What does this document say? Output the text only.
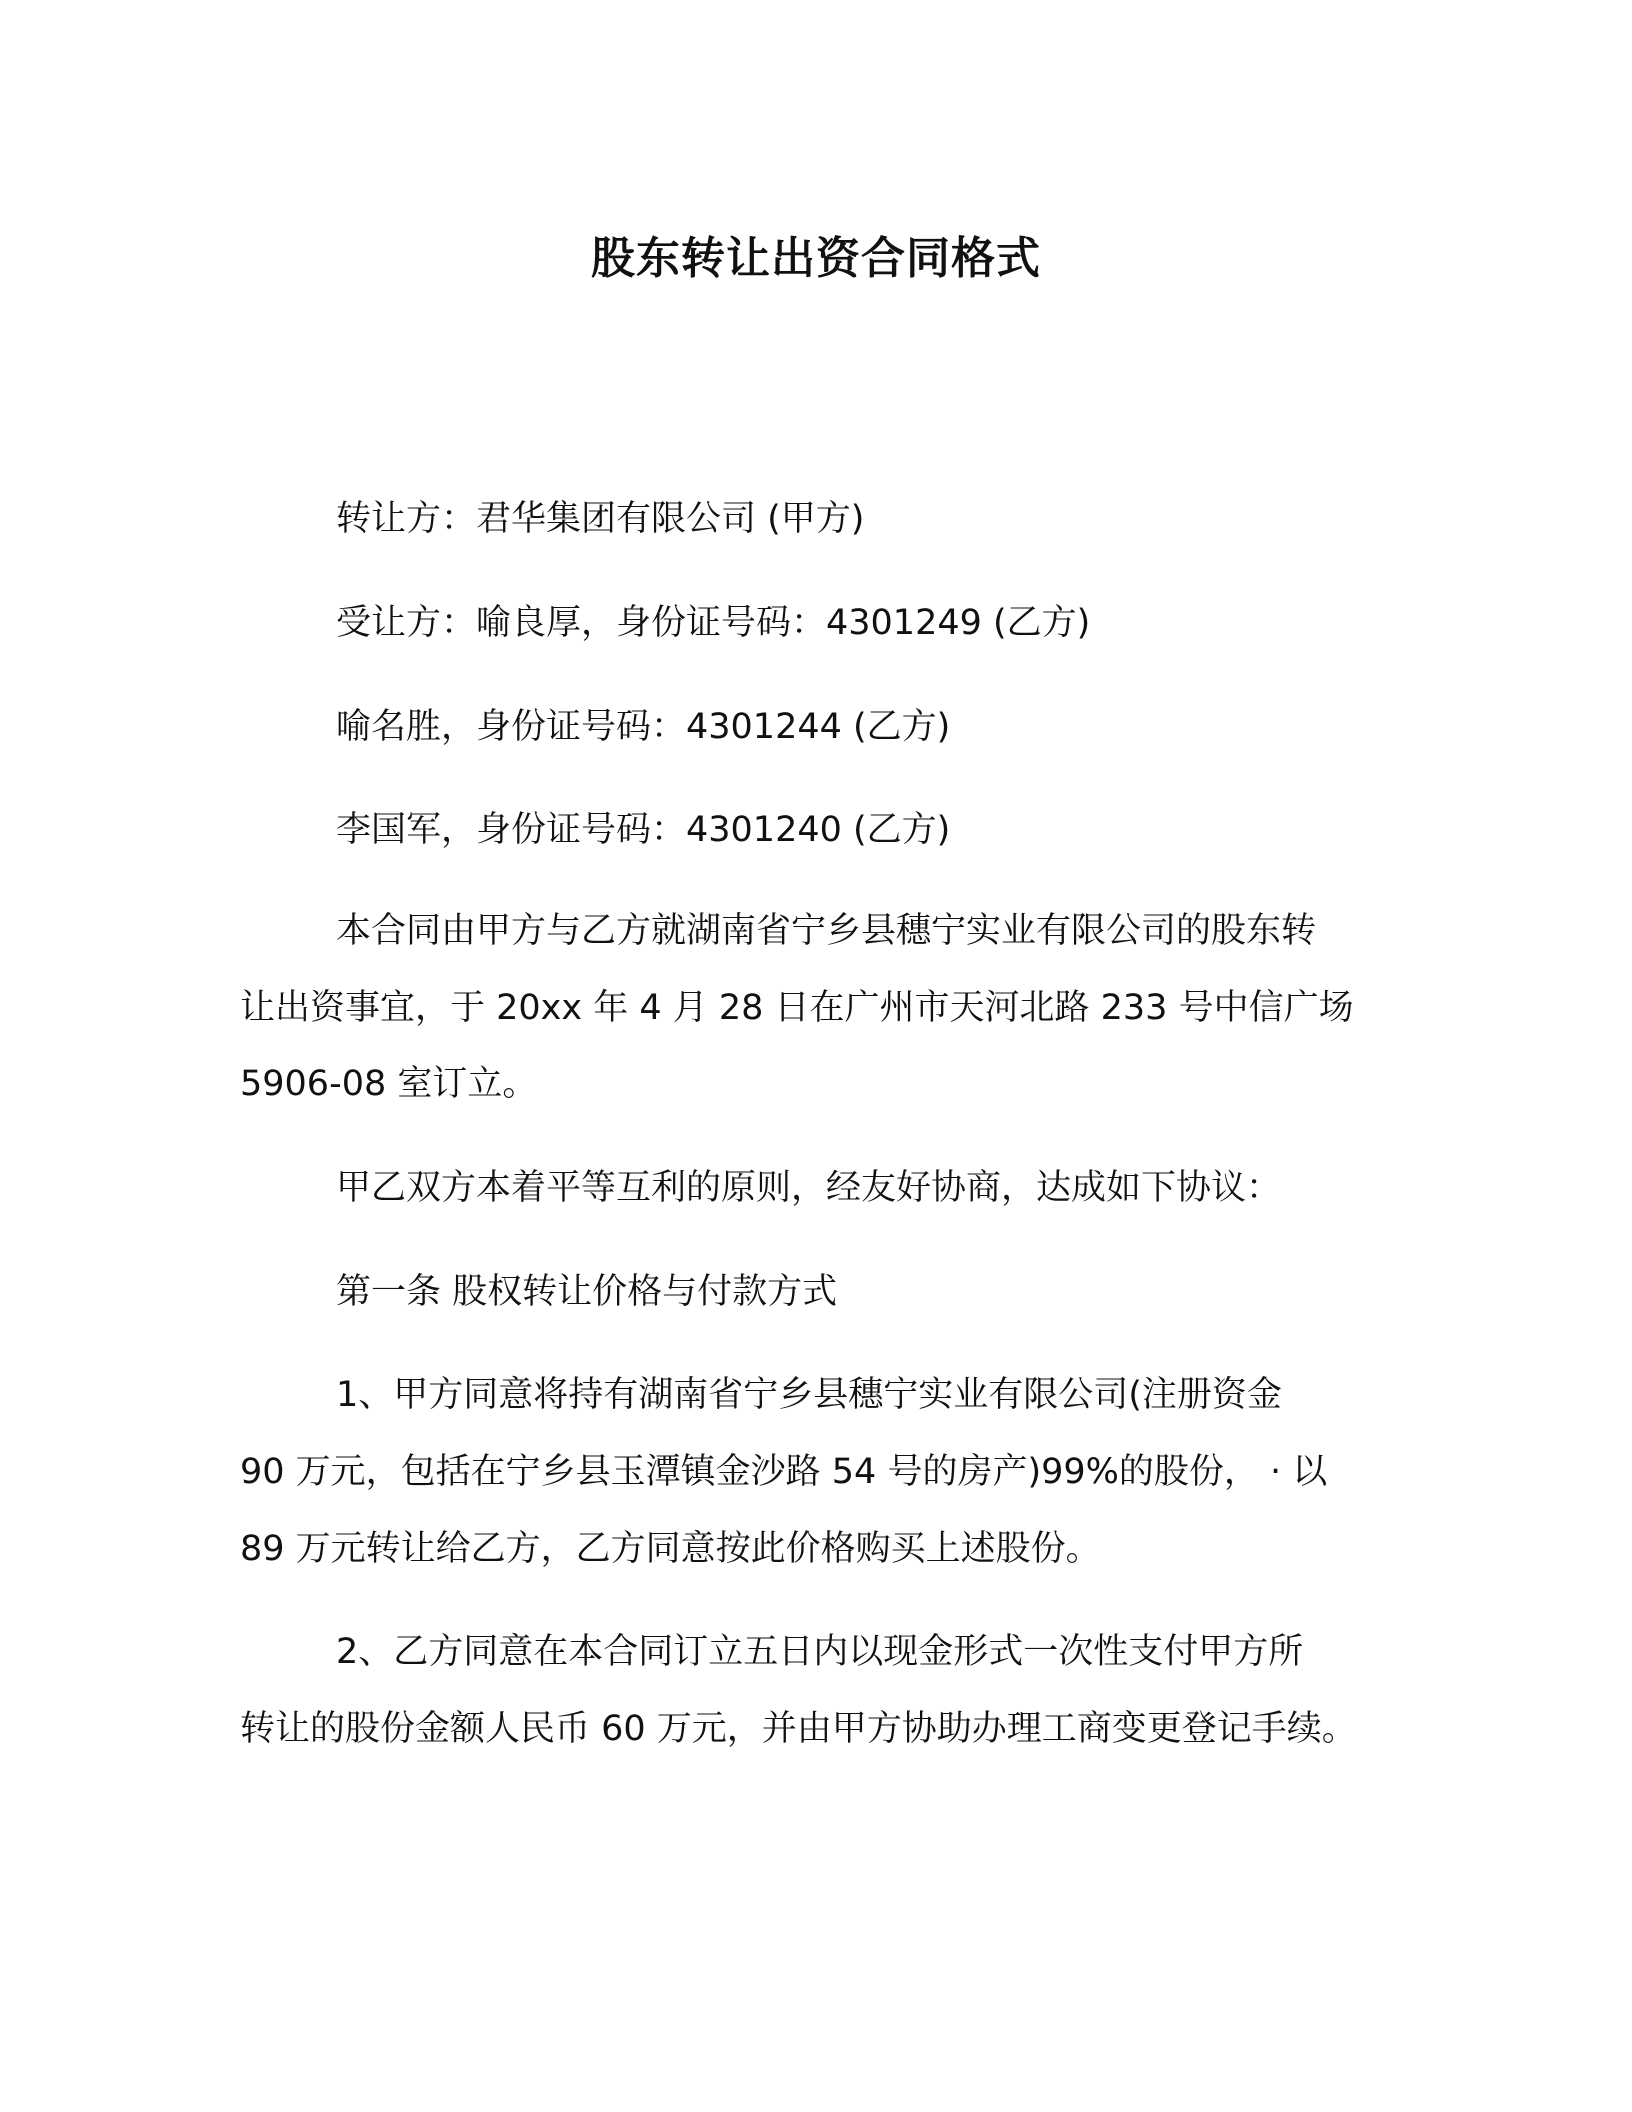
股东转让出资合同格式

转让方：君华集团有限公司 (甲方)

受让方：喻良厚，身份证号码：4301249 (乙方)

喻名胜，身份证号码：4301244 (乙方)

李国军，身份证号码：4301240 (乙方)

本合同由甲方与乙方就湖南省宁乡县穗宁实业有限公司的股东转

让出资事宜，于 20xx 年 4 月 28 日在广州市天河北路 233 号中信广场

5906-08 室订立。

甲乙双方本着平等互利的原则，经友好协商，达成如下协议：

第一条 股权转让价格与付款方式

1、甲方同意将持有湖南省宁乡县穗宁实业有限公司(注册资金

90 万元，包括在宁乡县玉潭镇金沙路 54 号的房产)99%的股份， · 以

89 万元转让给乙方，乙方同意按此价格购买上述股份。

2、乙方同意在本合同订立五日内以现金形式一次性支付甲方所

转让的股份金额人民币 60 万元，并由甲方协助办理工商变更登记手续。
